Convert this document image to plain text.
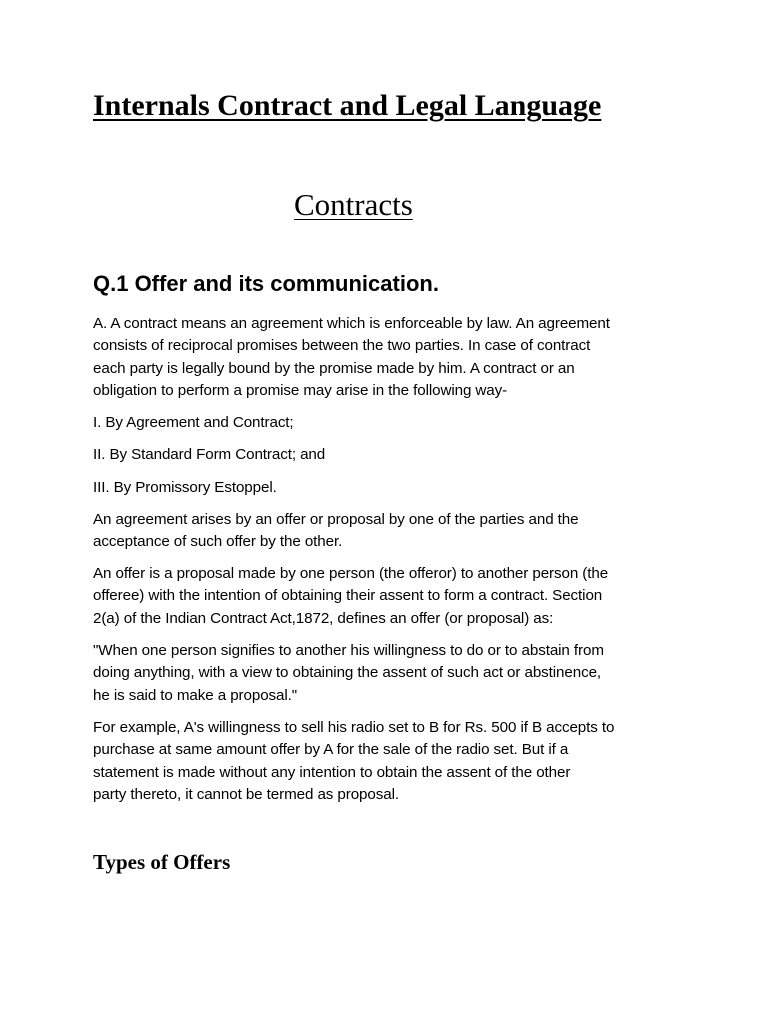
Internals Contract and Legal Language
Contracts
Q.1 Offer and its communication.

A. A contract means an agreement which is enforceable by law. An agreement
consists of reciprocal promises between the two parties. In case of contract
each party is legally bound by the promise made by him. A contract or an
obligation to perform a promise may arise in the following way-

I. By Agreement and Contract;

II. By Standard Form Contract; and

III. By Promissory Estoppel.

An agreement arises by an offer or proposal by one of the parties and the
acceptance of such offer by the other.

An offer is a proposal made by one person (the offeror) to another person (the
offeree) with the intention of obtaining their assent to form a contract. Section
2(a) of the Indian Contract Act,1872, defines an offer (or proposal) as:

"When one person signifies to another his willingness to do or to abstain from
doing anything, with a view to obtaining the assent of such act or abstinence,
he is said to make a proposal."

For example, A's willingness to sell his radio set to B for Rs. 500 if B accepts to
purchase at same amount offer by A for the sale of the radio set. But if a
statement is made without any intention to obtain the assent of the other
party thereto, it cannot be termed as proposal.

Types of Offers
